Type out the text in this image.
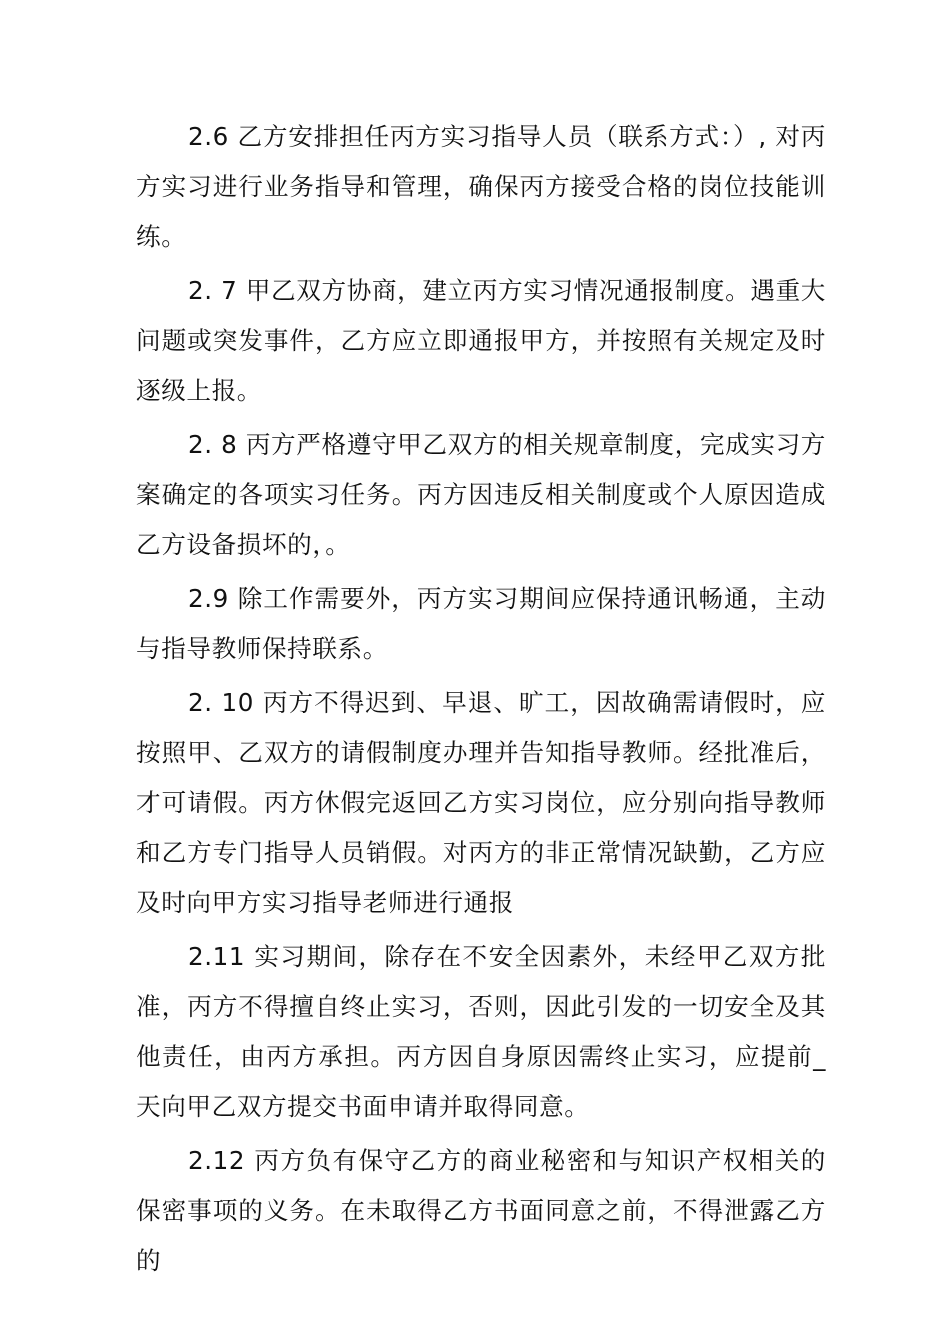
2.6 乙方安排担任丙方实习指导人员（联系方式：）, 对丙方实习进行业务指导和管理，确保丙方接受合格的岗位技能训练。

2. 7 甲乙双方协商，建立丙方实习情况通报制度。遇重大问题或突发事件，乙方应立即通报甲方，并按照有关规定及时逐级上报。

2. 8 丙方严格遵守甲乙双方的相关规章制度，完成实习方案确定的各项实习任务。丙方因违反相关制度或个人原因造成乙方设备损坏的，。

2.9 除工作需要外，丙方实习期间应保持通讯畅通，主动与指导教师保持联系。

2. 10 丙方不得迟到、早退、旷工，因故确需请假时，应按照甲、乙双方的请假制度办理并告知指导教师。经批准后，才可请假。丙方休假完返回乙方实习岗位，应分别向指导教师和乙方专门指导人员销假。对丙方的非正常情况缺勤，乙方应及时向甲方实习指导老师进行通报

2.11 实习期间，除存在不安全因素外，未经甲乙双方批准，丙方不得擅自终止实习，否则，因此引发的一切安全及其他责任，由丙方承担。丙方因自身原因需终止实习，应提前_天向甲乙双方提交书面申请并取得同意。

2.12 丙方负有保守乙方的商业秘密和与知识产权相关的保密事项的义务。在未取得乙方书面同意之前，不得泄露乙方的
